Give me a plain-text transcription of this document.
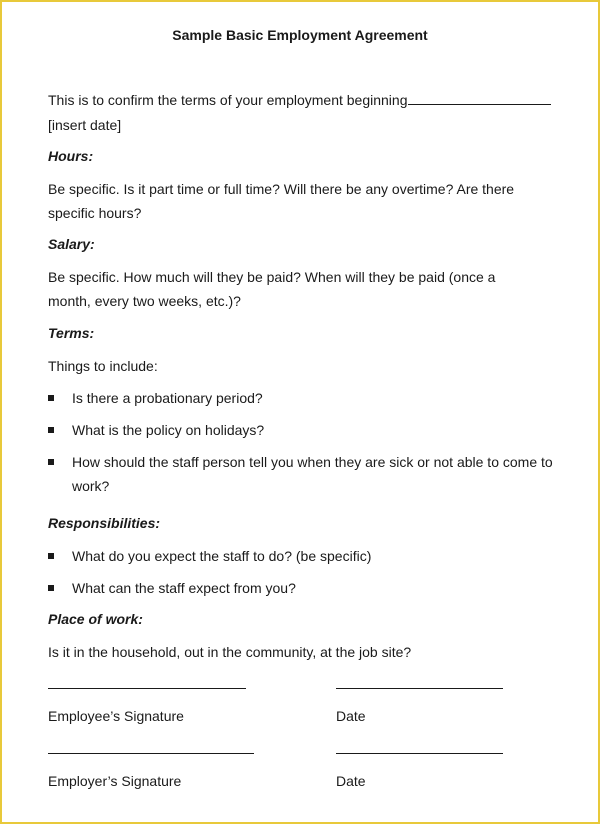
Sample Basic Employment Agreement
This is to confirm the terms of your employment beginning
[insert date]
Hours:
Be specific. Is it part time or full time? Will there be any overtime? Are there
specific hours?
Salary:
Be specific. How much will they be paid? When will they be paid (once a
month, every two weeks, etc.)?
Terms:
Things to include:
Is there a probationary period?
What is the policy on holidays?
How should the staff person tell you when they are sick or not able to come to
work?
Responsibilities:
What do you expect the staff to do? (be specific)
What can the staff expect from you?
Place of work:
Is it in the household, out in the community, at the job site?
Employee’s Signature	Date
Employer’s Signature	Date
